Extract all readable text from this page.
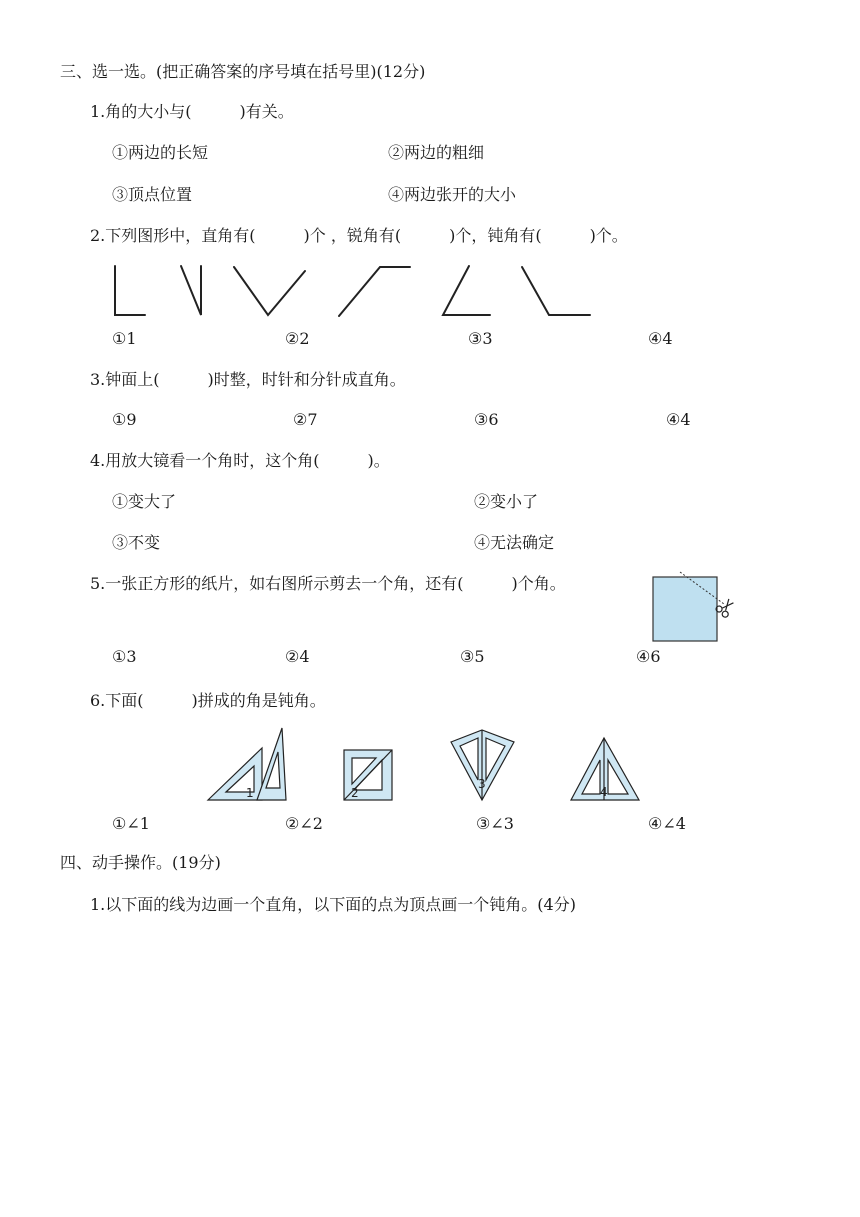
三、选一选。(把正确答案的序号填在括号里)(12分)
1.角的大小与(　　　)有关。
①两边的长短	②两边的粗细
③顶点位置	④两边张开的大小
2.下列图形中，直角有(　　　)个 ，锐角有(　　　)个，钝角有(　　　)个。
①1	②2	③3	④4
3.钟面上(　　　)时整，时针和分针成直角。
①9	②7	③6	④4
4.用放大镜看一个角时，这个角(　　　)。
①变大了	②变小了
③不变	④无法确定
5.一张正方形的纸片，如右图所示剪去一个角，还有(　　　)个角。
①3	②4	③5	④6
6.下面(　　　)拼成的角是钝角。
1	2
3
4
①∠1	②∠2	③∠3	④∠4
四、动手操作。(19分)
1.以下面的线为边画一个直角，以下面的点为顶点画一个钝角。(4分)
